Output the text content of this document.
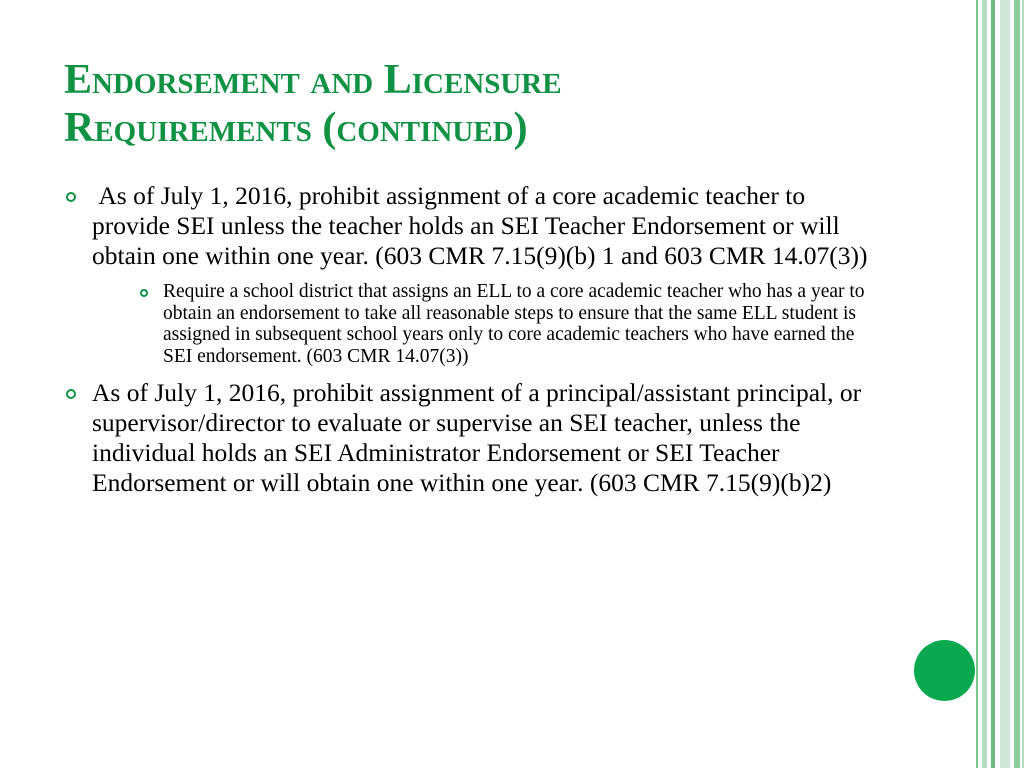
Endorsement and Licensure
Requirements (continued)

As of July 1, 2016, prohibit assignment of a core academic teacher to provide SEI unless the teacher holds an SEI Teacher Endorsement or will obtain one within one year. (603 CMR 7.15(9)(b) 1 and 603 CMR 14.07(3))

Require a school district that assigns an ELL to a core academic teacher who has a year to obtain an endorsement to take all reasonable steps to ensure that the same ELL student is assigned in subsequent school years only to core academic teachers who have earned the SEI endorsement. (603 CMR 14.07(3))

As of July 1, 2016, prohibit assignment of a principal/assistant principal, or supervisor/director to evaluate or supervise an SEI teacher, unless the individual holds an SEI Administrator Endorsement or SEI Teacher Endorsement or will obtain one within one year. (603 CMR 7.15(9)(b)2)
